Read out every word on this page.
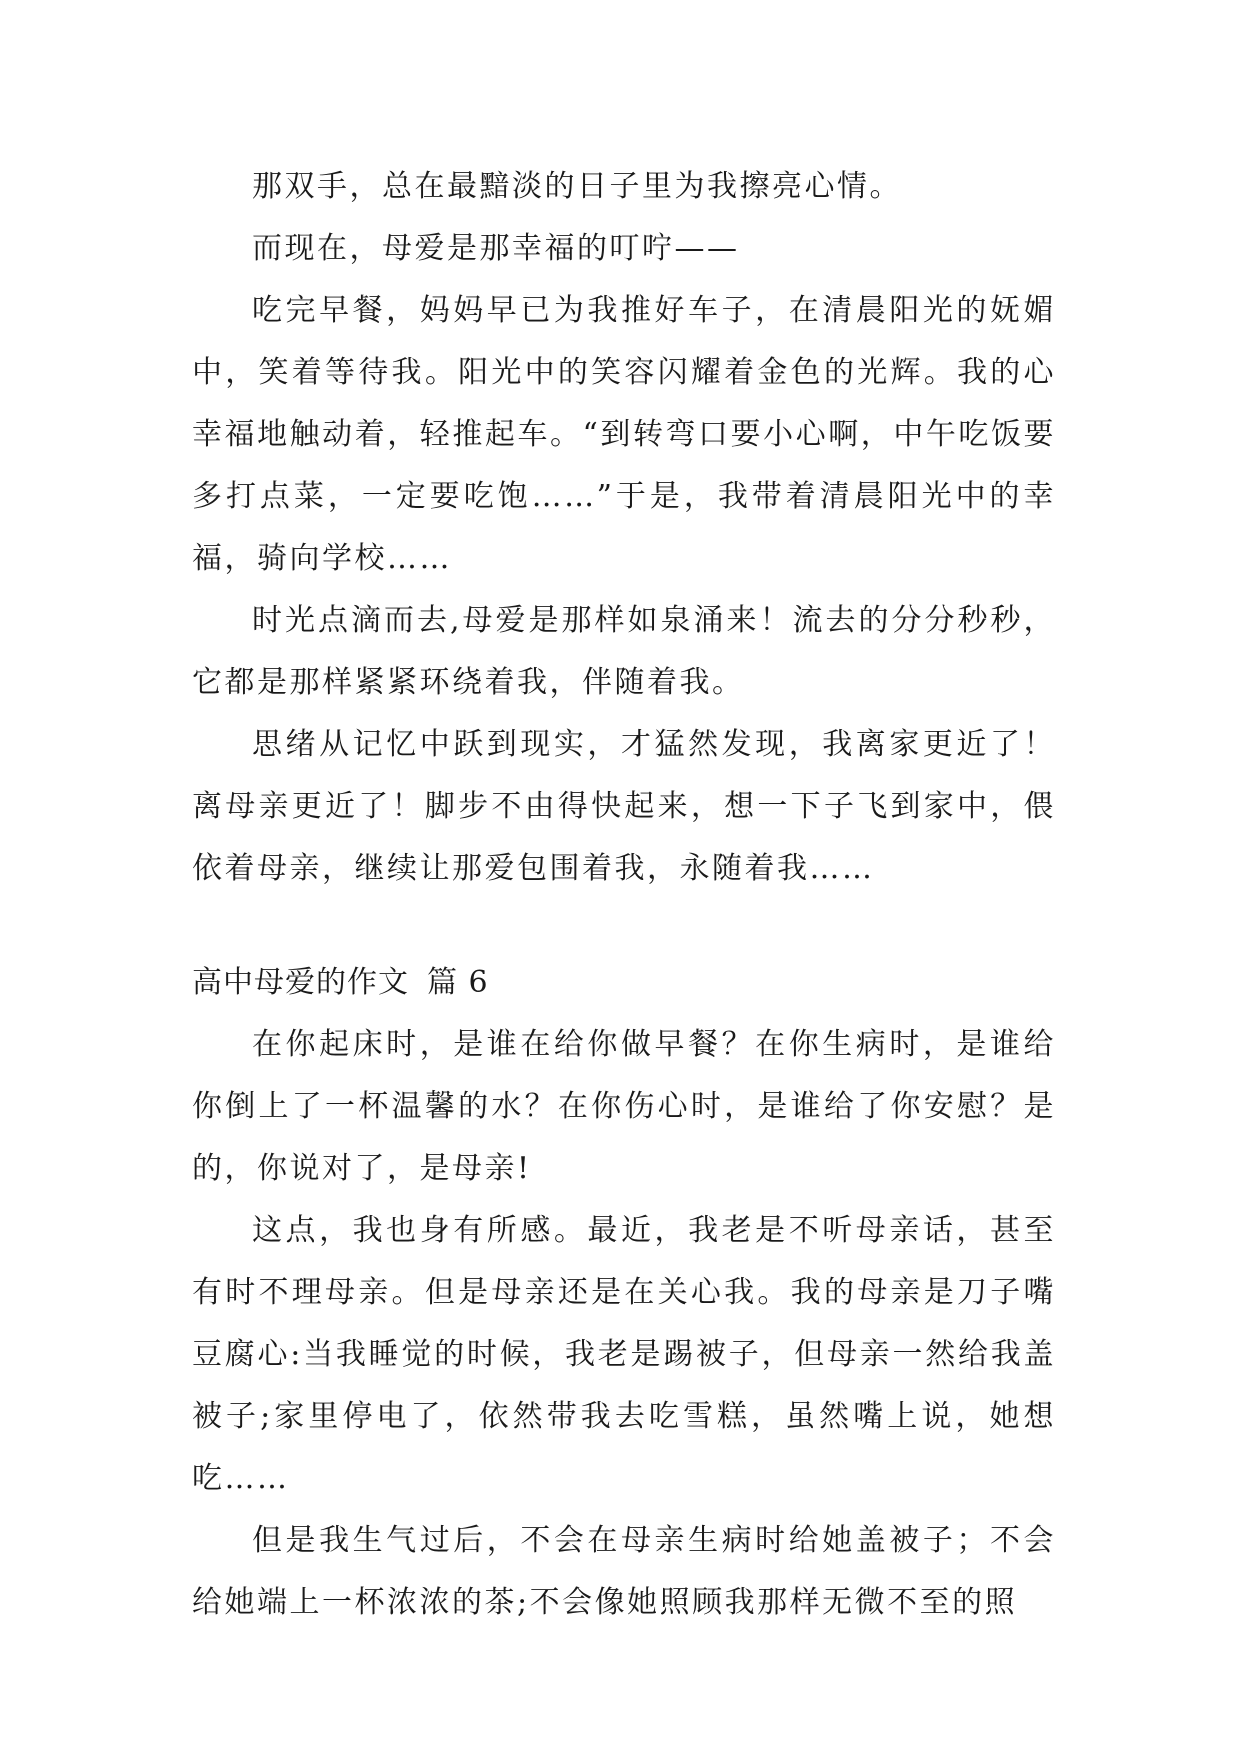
那双手，总在最黯淡的日子里为我擦亮心情。

而现在，母爱是那幸福的叮咛——

吃完早餐，妈妈早已为我推好车子，在清晨阳光的妩媚中，笑着等待我。阳光中的笑容闪耀着金色的光辉。我的心幸福地触动着，轻推起车。“到转弯口要小心啊，中午吃饭要多打点菜，一定要吃饱……”于是，我带着清晨阳光中的幸福，骑向学校……

时光点滴而去,母爱是那样如泉涌来！流去的分分秒秒，它都是那样紧紧环绕着我，伴随着我。

思绪从记忆中跃到现实，才猛然发现，我离家更近了！离母亲更近了！脚步不由得快起来，想一下子飞到家中，偎依着母亲，继续让那爱包围着我，永随着我……

高中母爱的作文 篇 6

在你起床时，是谁在给你做早餐？在你生病时，是谁给你倒上了一杯温馨的水？在你伤心时，是谁给了你安慰？是的，你说对了，是母亲!

这点，我也身有所感。最近，我老是不听母亲话，甚至有时不理母亲。但是母亲还是在关心我。我的母亲是刀子嘴豆腐心:当我睡觉的时候，我老是踢被子，但母亲一然给我盖被子;家里停电了，依然带我去吃雪糕，虽然嘴上说，她想吃……

但是我生气过后，不会在母亲生病时给她盖被子；不会给她端上一杯浓浓的茶;不会像她照顾我那样无微不至的照
